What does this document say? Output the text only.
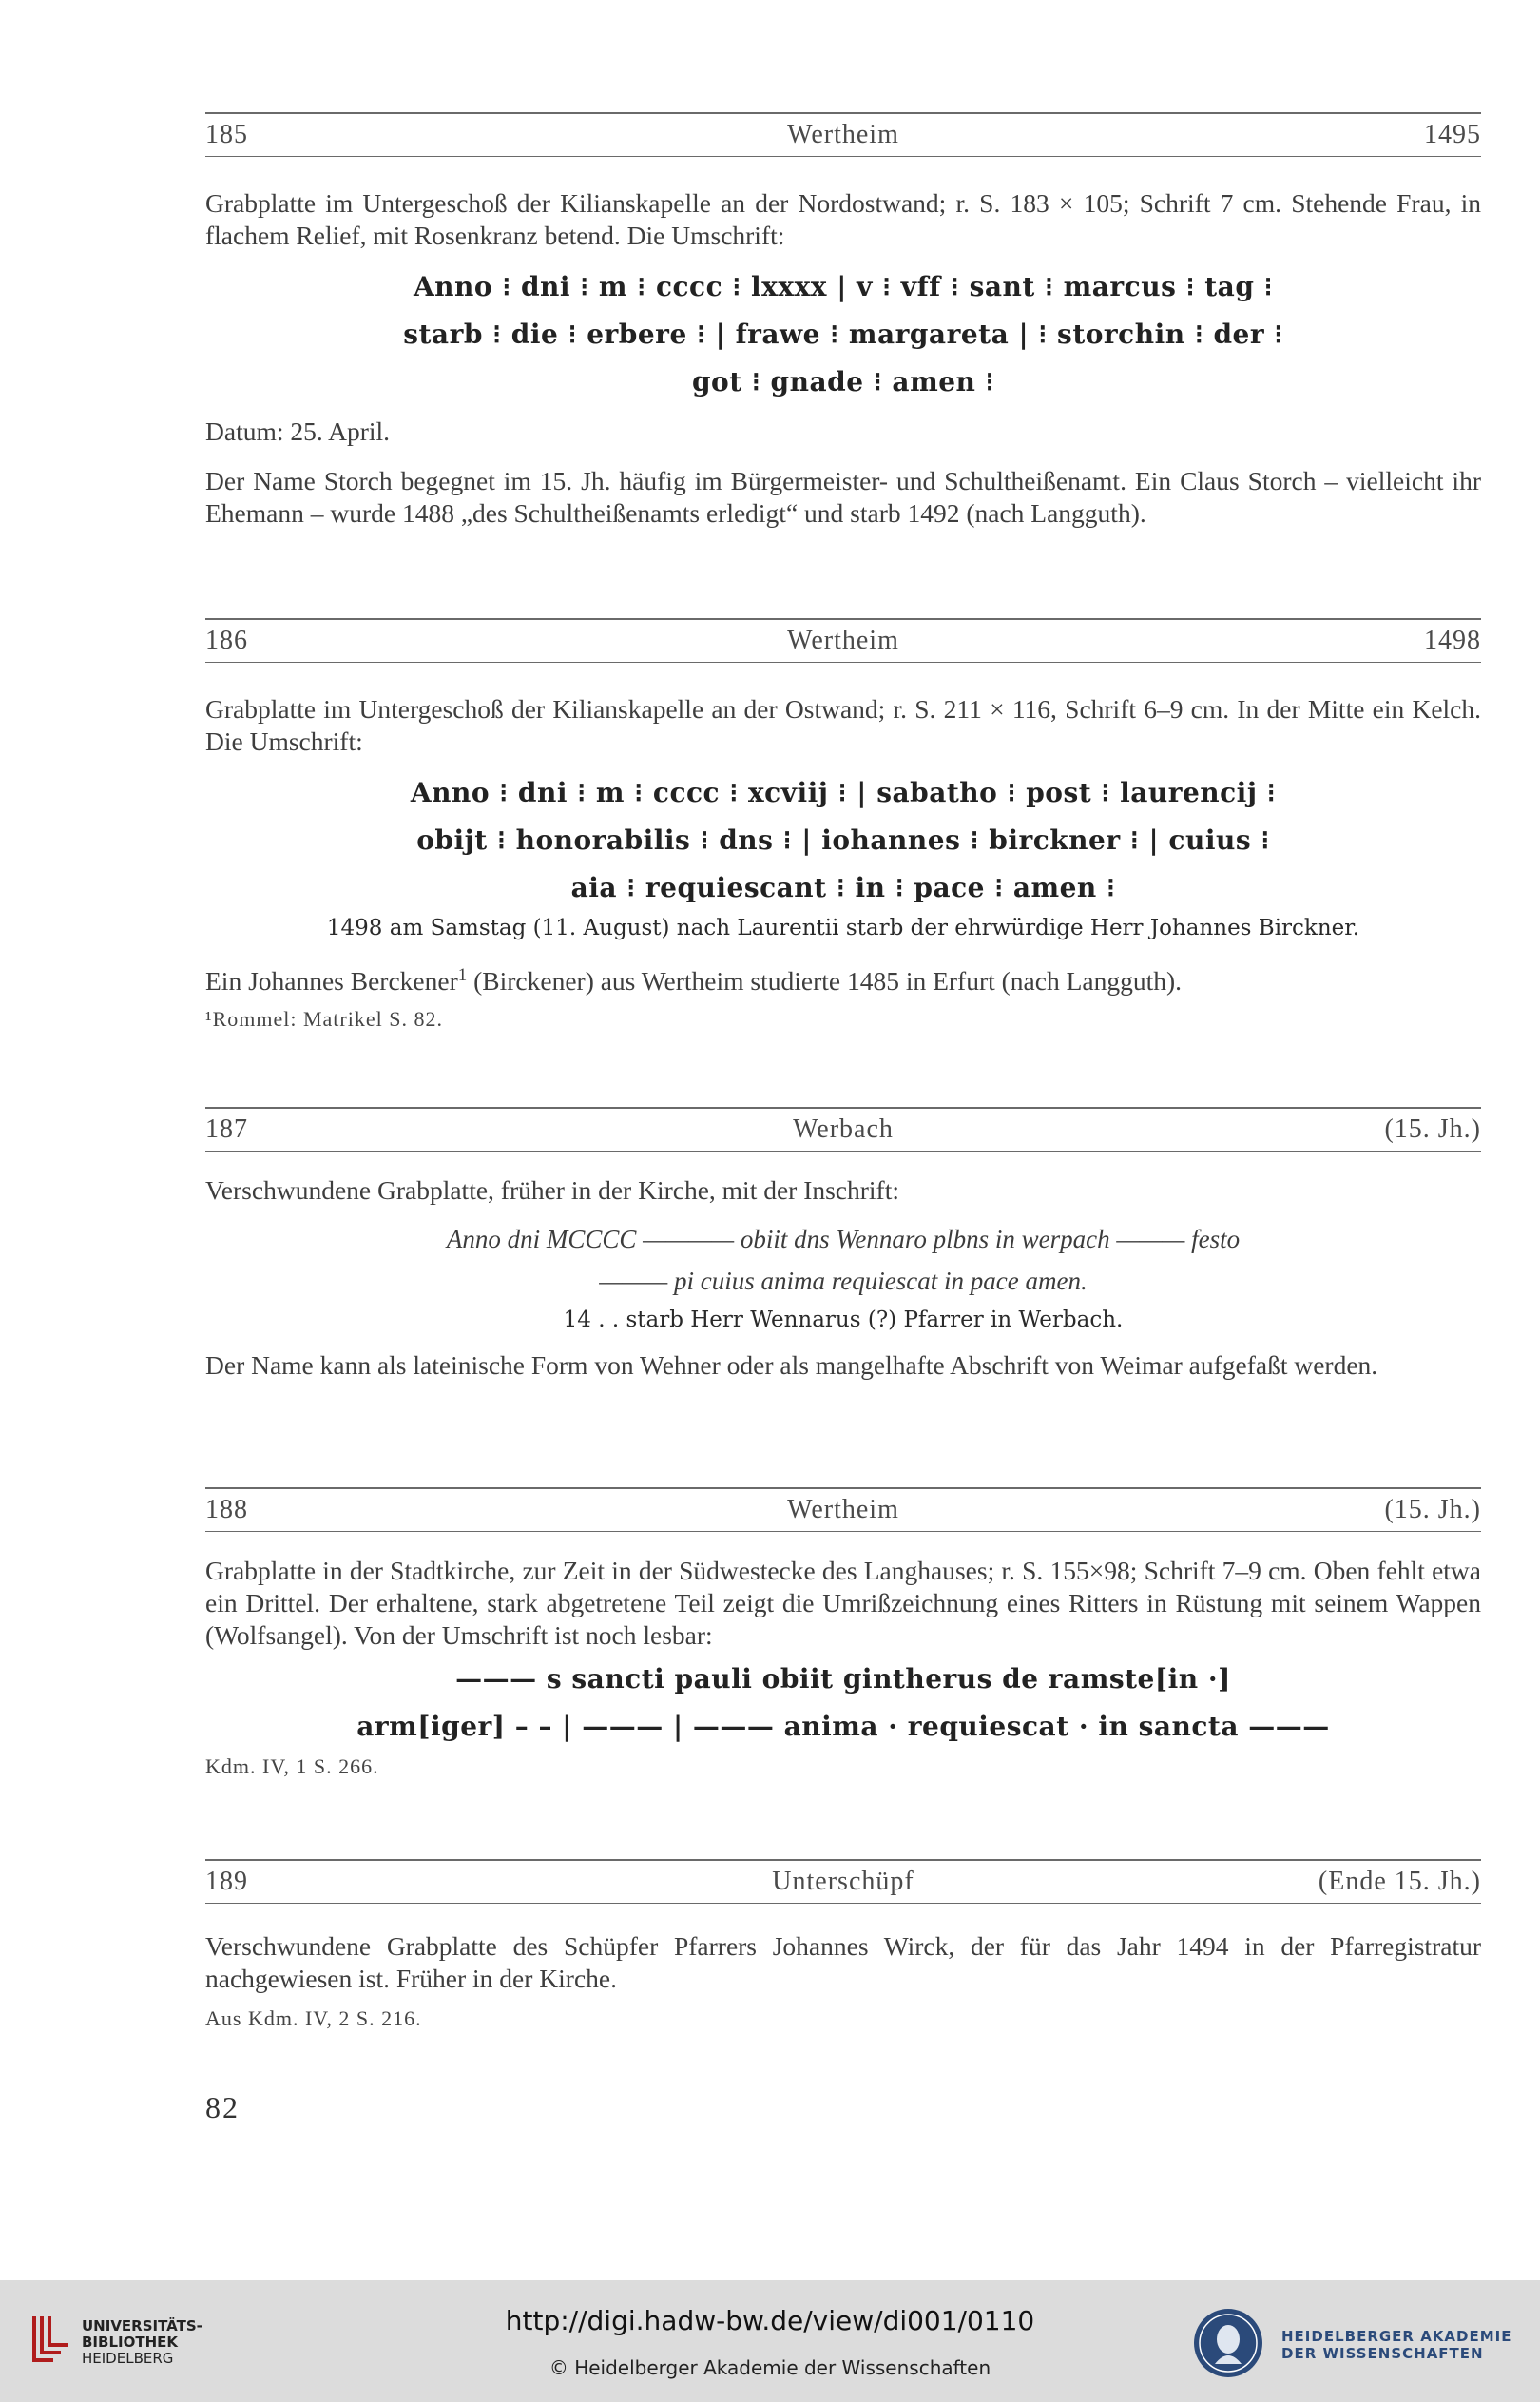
185	Wertheim	1495
Grabplatte im Untergeschoß der Kilianskapelle an der Nordostwand; r. S. 183 × 105; Schrift 7 cm. Stehende Frau, in flachem Relief, mit Rosenkranz betend. Die Umschrift:
Anno ⁝ dni ⁝ m ⁝ cccc ⁝ lxxxx | v ⁝ vff ⁝ sant ⁝ marcus ⁝ tag ⁝
starb ⁝ die ⁝ erbere ⁝ | frawe ⁝ margareta | ⁝ storchin ⁝ der ⁝
got ⁝ gnade ⁝ amen ⁝
Datum: 25. April.
Der Name Storch begegnet im 15. Jh. häufig im Bürgermeister- und Schultheißenamt. Ein Claus Storch – vielleicht ihr Ehemann – wurde 1488 „des Schultheißenamts erledigt“ und starb 1492 (nach Langguth).
186	Wertheim	1498
Grabplatte im Untergeschoß der Kilianskapelle an der Ostwand; r. S. 211 × 116, Schrift 6–9 cm. In der Mitte ein Kelch. Die Umschrift:
Anno ⁝ dni ⁝ m ⁝ cccc ⁝ xcviij ⁝ | sabatho ⁝ post ⁝ laurencij ⁝
obijt ⁝ honorabilis ⁝ dns ⁝ | iohannes ⁝ birckner ⁝ | cuius ⁝
aia ⁝ requiescant ⁝ in ⁝ pace ⁝ amen ⁝
1498 am Samstag (11. August) nach Laurentii starb der ehrwürdige Herr Johannes Birckner.
Ein Johannes Berckener$^1$ (Birckener) aus Wertheim studierte 1485 in Erfurt (nach Langguth).
¹Rommel: Matrikel S. 82.
187	Werbach	(15. Jh.)
Verschwundene Grabplatte, früher in der Kirche, mit der Inschrift:
Anno dni MCCCC ———— obiit dns Wennaro plbns in werpach ——— festo
——— pi cuius anima requiescat in pace amen.
14 . . starb Herr Wennarus (?) Pfarrer in Werbach.
Der Name kann als lateinische Form von Wehner oder als mangelhafte Abschrift von Weimar aufgefaßt werden.
188	Wertheim	(15. Jh.)
Grabplatte in der Stadtkirche, zur Zeit in der Südwestecke des Langhauses; r. S. 155×98; Schrift 7–9 cm. Oben fehlt etwa ein Drittel. Der erhaltene, stark abgetretene Teil zeigt die Umrißzeichnung eines Ritters in Rüstung mit seinem Wappen (Wolfsangel). Von der Umschrift ist noch lesbar:
——— s sancti pauli obiit gintherus de ramste[in ·]
arm[iger] – – | ——— | ——— anima · requiescat · in sancta ———
Kdm. IV, 1 S. 266.
189	Unterschüpf	(Ende 15. Jh.)
Verschwundene Grabplatte des Schüpfer Pfarrers Johannes Wirck, der für das Jahr 1494 in der Pfarregistratur nachgewiesen ist. Früher in der Kirche.
Aus Kdm. IV, 2 S. 216.
82
UNIVERSITÄTS-
BIBLIOTHEK
HEIDELBERG
http://digi.hadw-bw.de/view/di001/0110
© Heidelberger Akademie der Wissenschaften
HEIDELBERGER AKADEMIE
DER WISSENSCHAFTEN
